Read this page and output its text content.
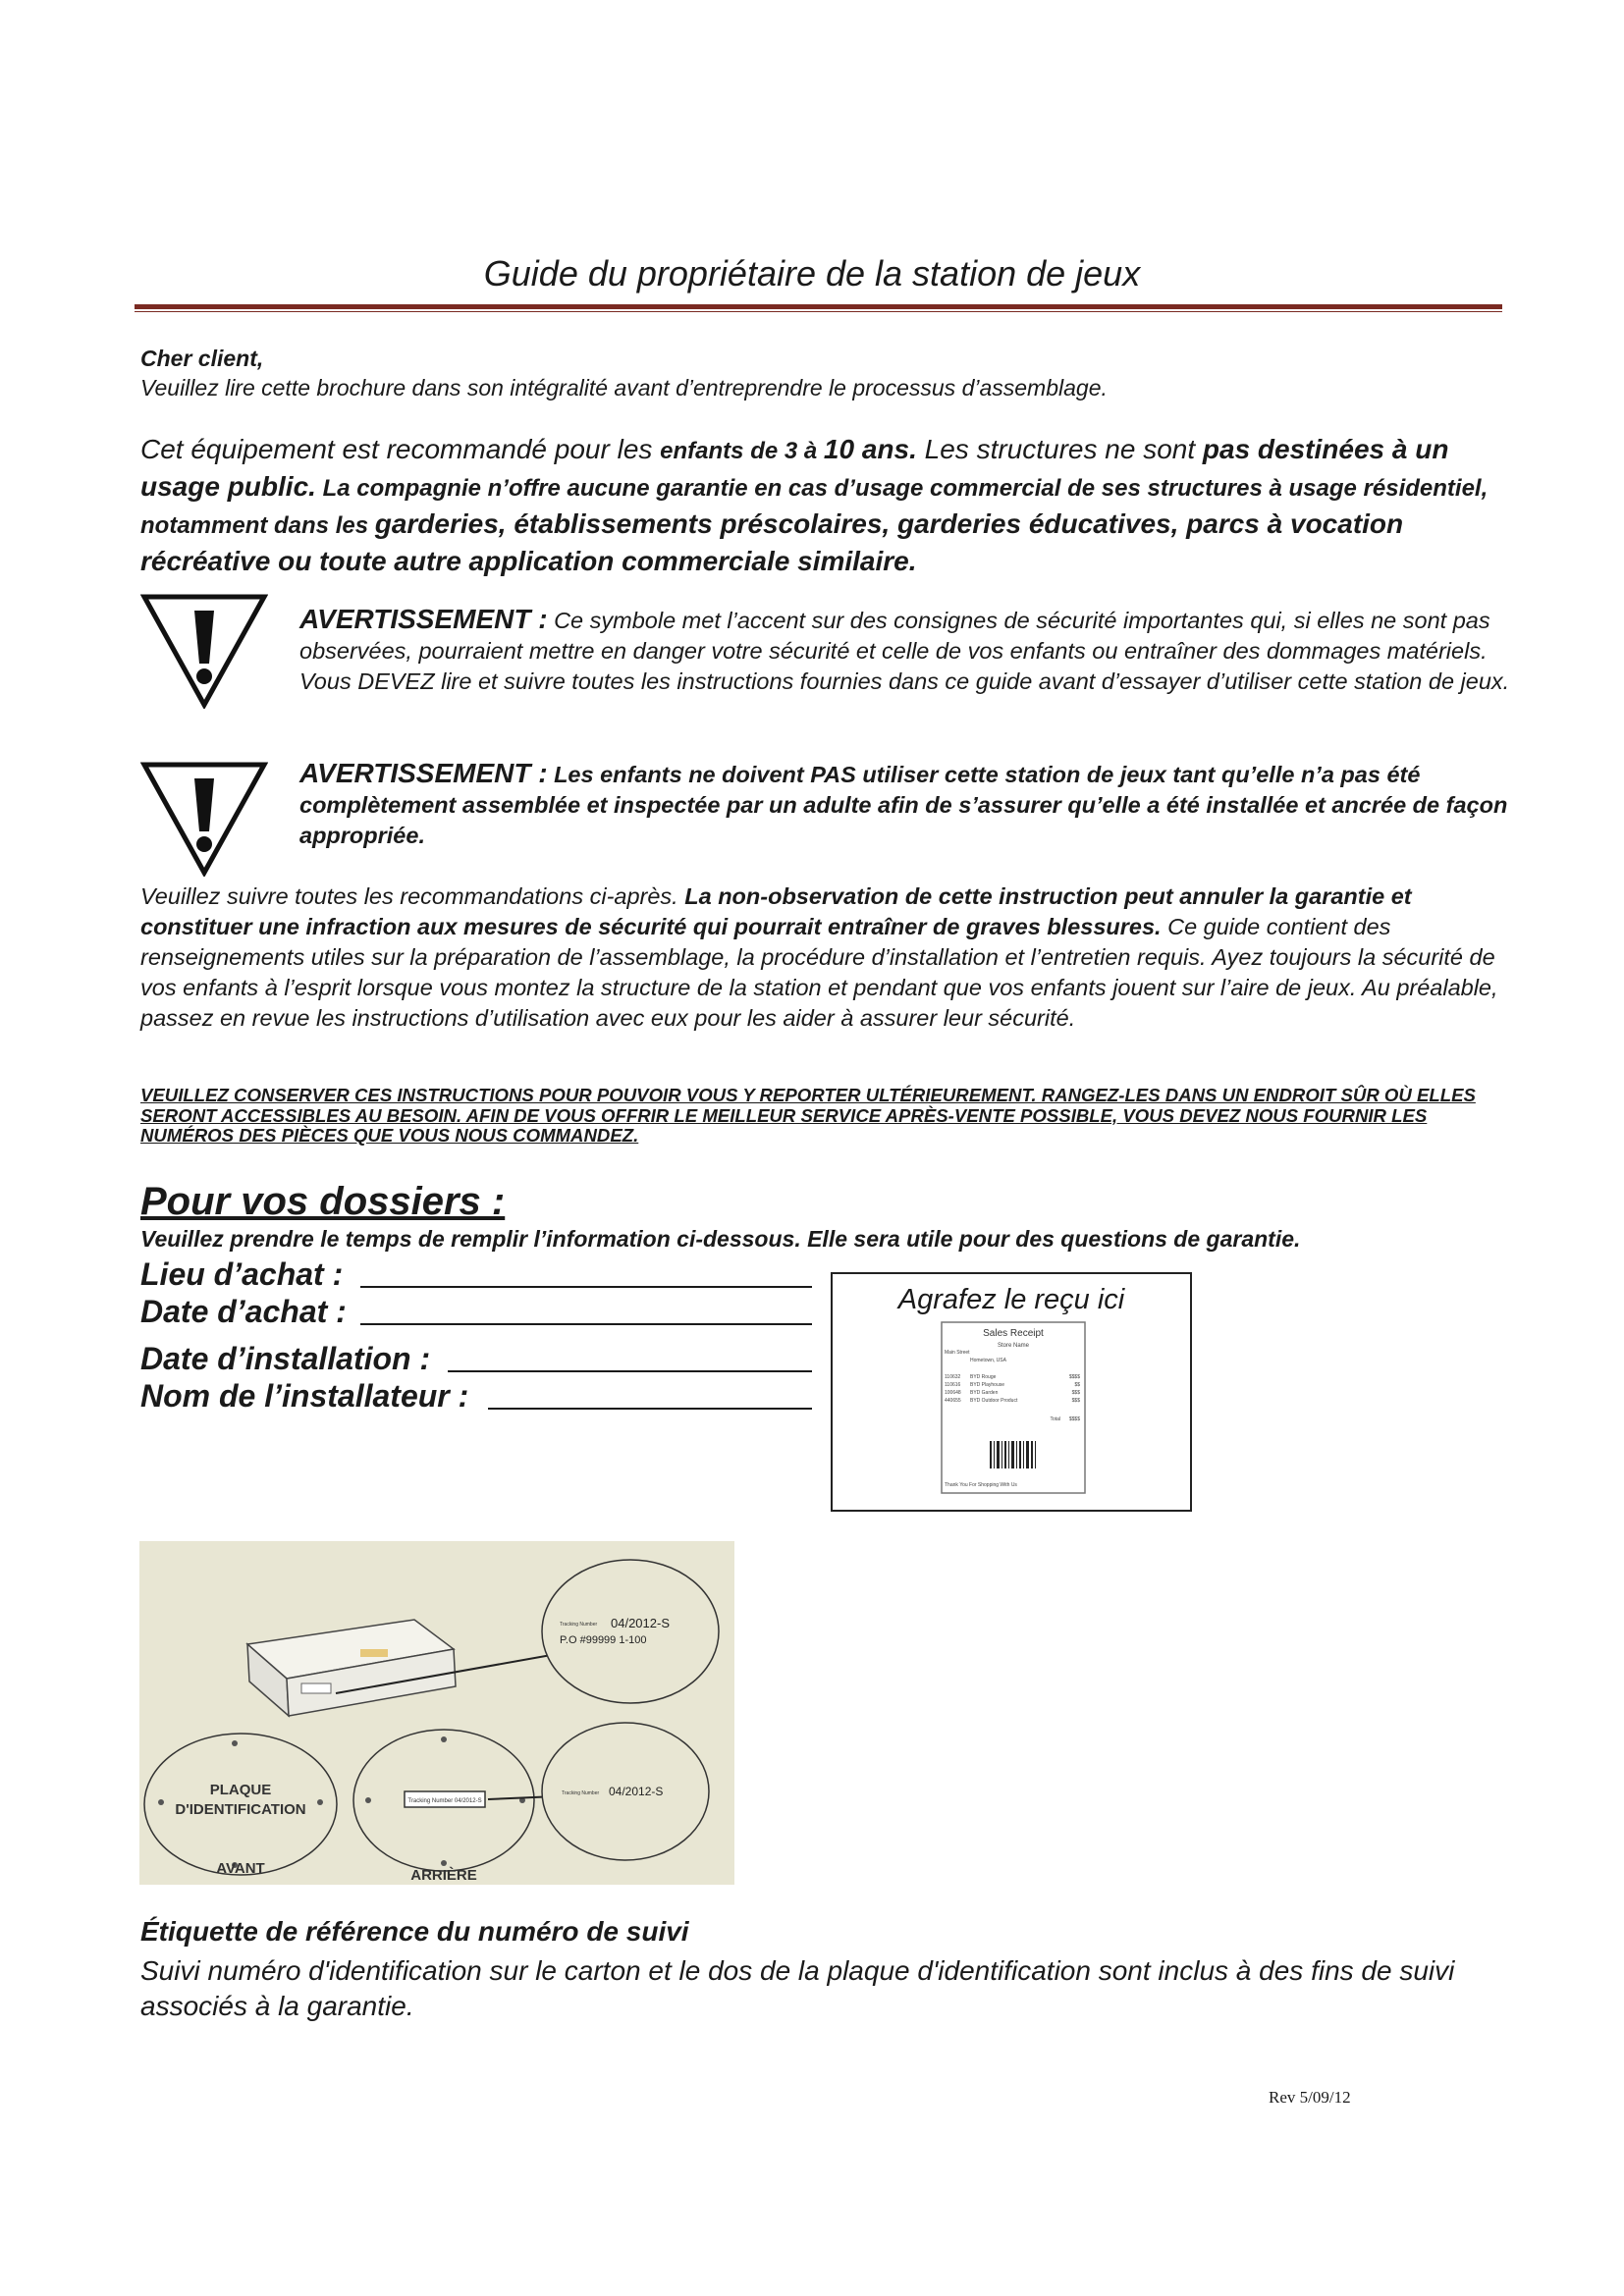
Guide du propriétaire de la station de jeux
Cher client,
Veuillez lire cette brochure dans son intégralité avant d’entreprendre le processus d’assemblage.
Cet équipement est recommandé pour les enfants de 3 à 10 ans. Les structures ne sont pas destinées à un usage public. La compagnie n’offre aucune garantie en cas d’usage commercial de ses structures à usage résidentiel, notamment dans les garderies, établissements préscolaires, garderies éducatives, parcs à vocation récréative ou toute autre application commerciale similaire.
AVERTISSEMENT : Ce symbole met l’accent sur des consignes de sécurité importantes qui, si elles ne sont pas observées, pourraient mettre en danger votre sécurité et celle de vos enfants ou entraîner des dommages matériels. Vous DEVEZ lire et suivre toutes les instructions fournies dans ce guide avant d’essayer d’utiliser cette station de jeux.
AVERTISSEMENT : Les enfants ne doivent PAS utiliser cette station de jeux tant qu’elle n’a pas été complètement assemblée et inspectée par un adulte afin de s’assurer qu’elle a été installée et ancrée de façon appropriée.
Veuillez suivre toutes les recommandations ci-après. La non-observation de cette instruction peut annuler la garantie et constituer une infraction aux mesures de sécurité qui pourrait entraîner de graves blessures. Ce guide contient des renseignements utiles sur la préparation de l’assemblage, la procédure d’installation et l’entretien requis. Ayez toujours la sécurité de vos enfants à l’esprit lorsque vous montez la structure de la station et pendant que vos enfants jouent sur l’aire de jeux. Au préalable, passez en revue les instructions d’utilisation avec eux pour les aider à assurer leur sécurité.
VEUILLEZ CONSERVER CES INSTRUCTIONS POUR POUVOIR VOUS Y REPORTER ULTÉRIEUREMENT. RANGEZ-LES DANS UN ENDROIT SÛR OÙ ELLES SERONT ACCESSIBLES AU BESOIN. AFIN DE VOUS OFFRIR LE MEILLEUR SERVICE APRÈS-VENTE POSSIBLE, VOUS DEVEZ NOUS FOURNIR LES NUMÉROS DES PIÈCES QUE VOUS NOUS COMMANDEZ.
Pour vos dossiers :
Veuillez prendre le temps de remplir l’information ci-dessous. Elle sera utile pour des questions de garantie.
Lieu d’achat :
Date d’achat :
Date d’installation :
Nom de l’installateur :
Agrafez le reçu ici
Sales Receipt
Store Name
Main Street
Hometown, USA
110632 BYD Rouge	$$$$
110616 BYD Playhouse	$$
100648 BYD Garden	$$$
440655 BYD Outdoor Product	$$$
Total $$$$
Thank You For Shopping With Us
Tracking Number 04/2012-S
P.O #99999 1-100
PLAQUE
D'IDENTIFICATION
AVANT
Tracking Number 04/2012-S
ARRIÈRE
Tracking Number 04/2012-S
Étiquette de référence du numéro de suivi
Suivi numéro d'identification sur le carton et le dos de la plaque d'identification sont inclus à des fins de suivi associés à la garantie.
Rev 5/09/12
